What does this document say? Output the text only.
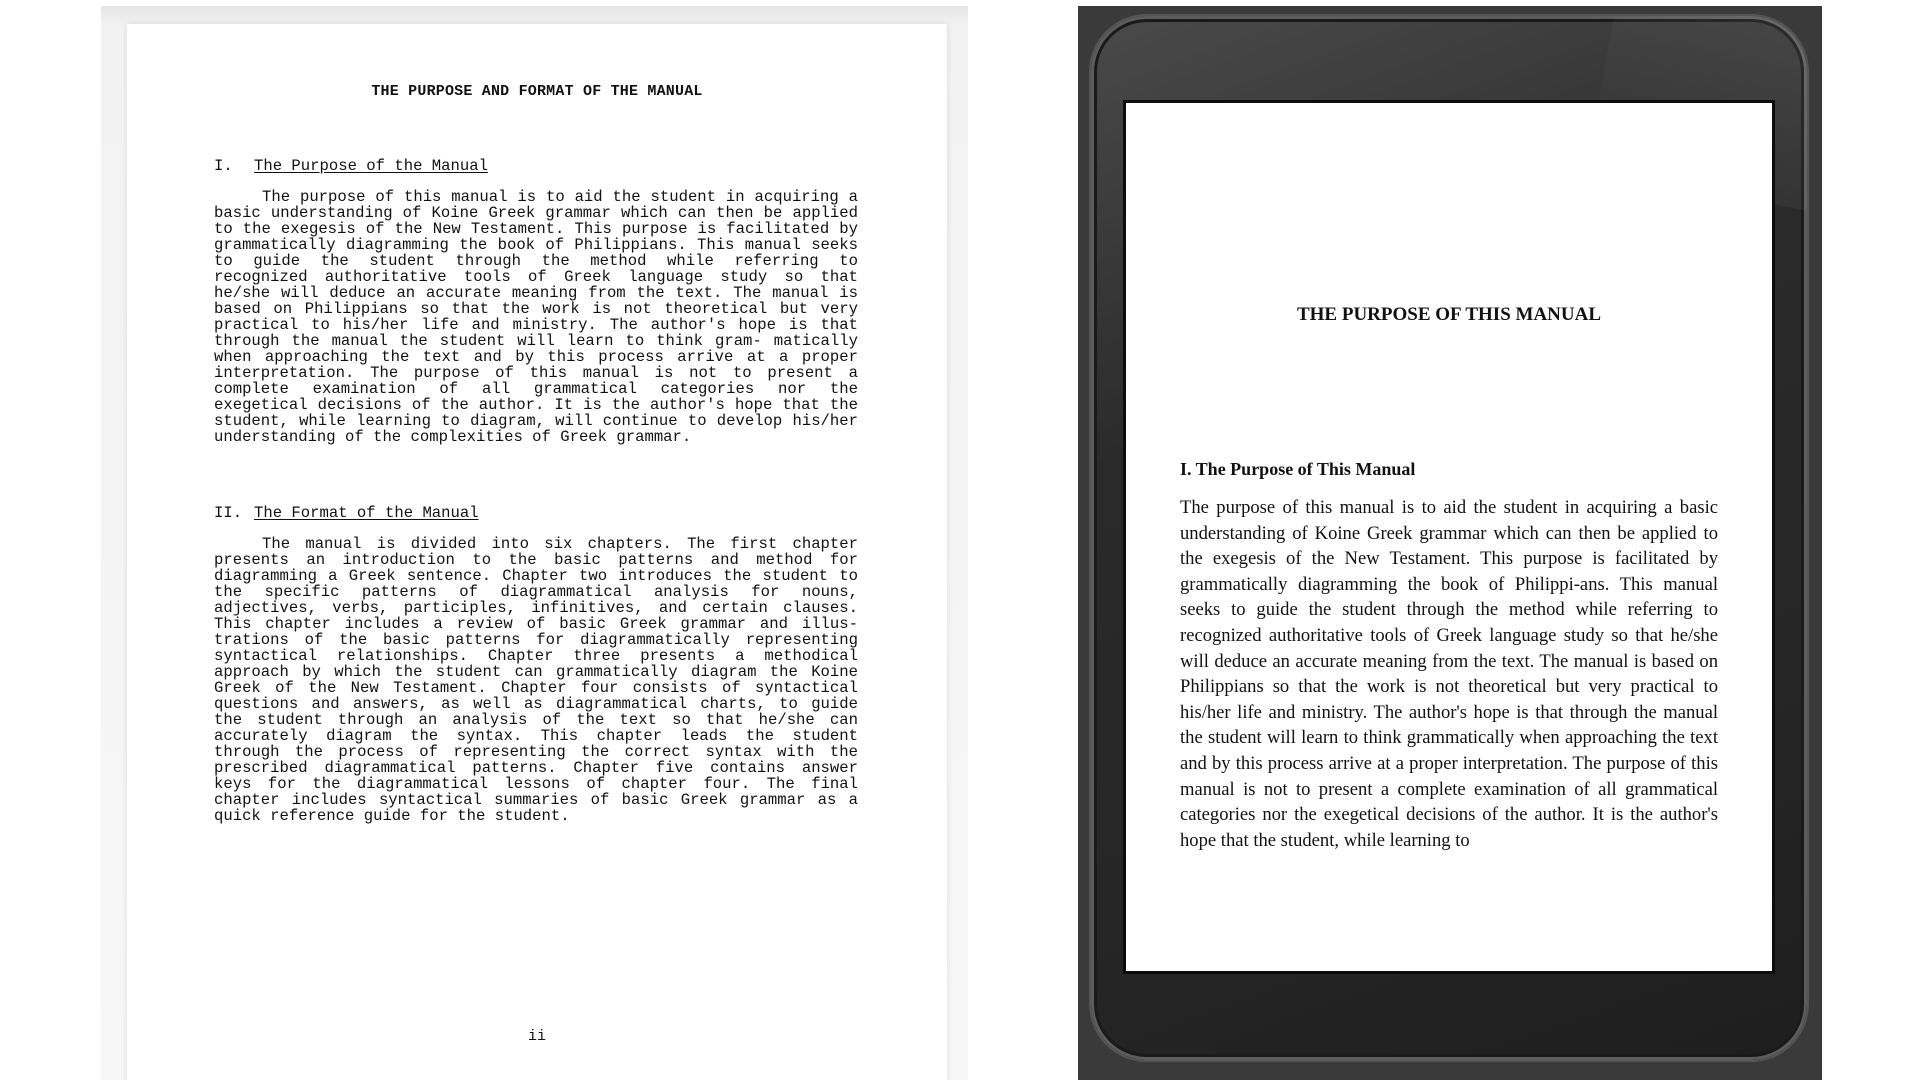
THE PURPOSE AND FORMAT OF THE MANUAL
I. The Purpose of the Manual

The purpose of this manual is to aid the student in acquiring a basic understanding of Koine Greek grammar which can then be applied to the exegesis of the New Testament. This purpose is facilitated by grammatically diagramming the book of Philippians. This manual seeks to guide the student through the method while referring to recognized authoritative tools of Greek language study so that he/she will deduce an accurate meaning from the text. The manual is based on Philippians so that the work is not theoretical but very practical to his/her life and ministry. The author's hope is that through the manual the student will learn to think gram- matically when approaching the text and by this process arrive at a proper interpretation. The purpose of this manual is not to present a complete examination of all grammatical categories nor the exegetical decisions of the author. It is the author's hope that the student, while learning to diagram, will continue to develop his/her understanding of the complexities of Greek grammar.

II. The Format of the Manual

The manual is divided into six chapters. The first chapter presents an introduction to the basic patterns and method for diagramming a Greek sentence. Chapter two introduces the student to the specific patterns of diagrammatical analysis for nouns, adjectives, verbs, participles, infinitives, and certain clauses. This chapter includes a review of basic Greek grammar and illus- trations of the basic patterns for diagrammatically representing syntactical relationships. Chapter three presents a methodical approach by which the student can grammatically diagram the Koine Greek of the New Testament. Chapter four consists of syntactical questions and answers, as well as diagrammatical charts, to guide the student through an analysis of the text so that he/she can accurately diagram the syntax. This chapter leads the student through the process of representing the correct syntax with the prescribed diagrammatical patterns. Chapter five contains answer keys for the diagrammatical lessons of chapter four. The final chapter includes syntactical summaries of basic Greek grammar as a quick reference guide for the student.

ii
THE PURPOSE OF THIS MANUAL
I. The Purpose of This Manual

The purpose of this manual is to aid the student in acquiring a basic understanding of Koine Greek grammar which can then be applied to the exegesis of the New Testament. This purpose is facilitated by grammatically diagramming the book of Philippi-ans. This manual seeks to guide the student through the method while referring to recognized authoritative tools of Greek language study so that he/she will deduce an accurate meaning from the text. The manual is based on Philippians so that the work is not theoretical but very practical to his/her life and ministry. The author's hope is that through the manual the student will learn to think grammatically when approaching the text and by this process arrive at a proper interpretation. The purpose of this manual is not to present a complete examination of all grammatical categories nor the exegetical decisions of the author. It is the author's hope that the student, while learning to
